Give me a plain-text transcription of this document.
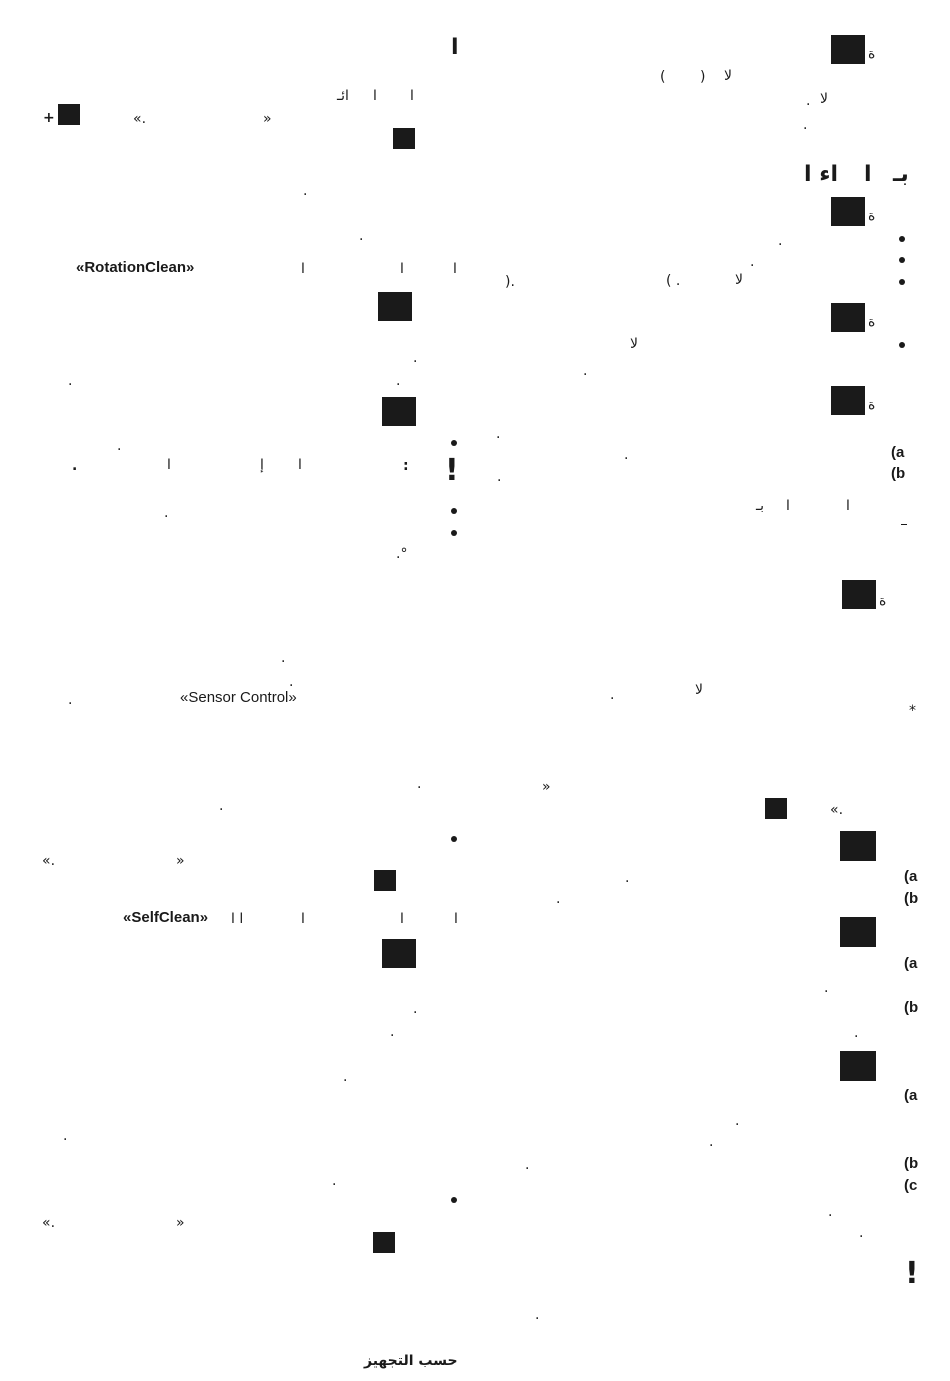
ة
لا
)
(
لا
.
.
ا
ا
ا
ائـ
»
«.
+
.
.
بـ
ا
اء ا
ة
.
.
لا
( .
).
ا
ا
ا
«RotationClean»
ة
لا
.
.
.
.
ة
.
(a
.
(b
.
!
.
:
ا
إ
ا
.
.
.°
ا
ا
بـ
ة
.
.
«Sensor Control»
.
لا
.
*
.	»
.	«.
»
«.
(a
.
(b
.
ا
ا
ا
ا ا
«SelfClean»
(a
.
(b
.
.	.
.
(a
.
.	.
(b
.
.	(c
.
»
«.
.
!
.
حسب التجهيز
